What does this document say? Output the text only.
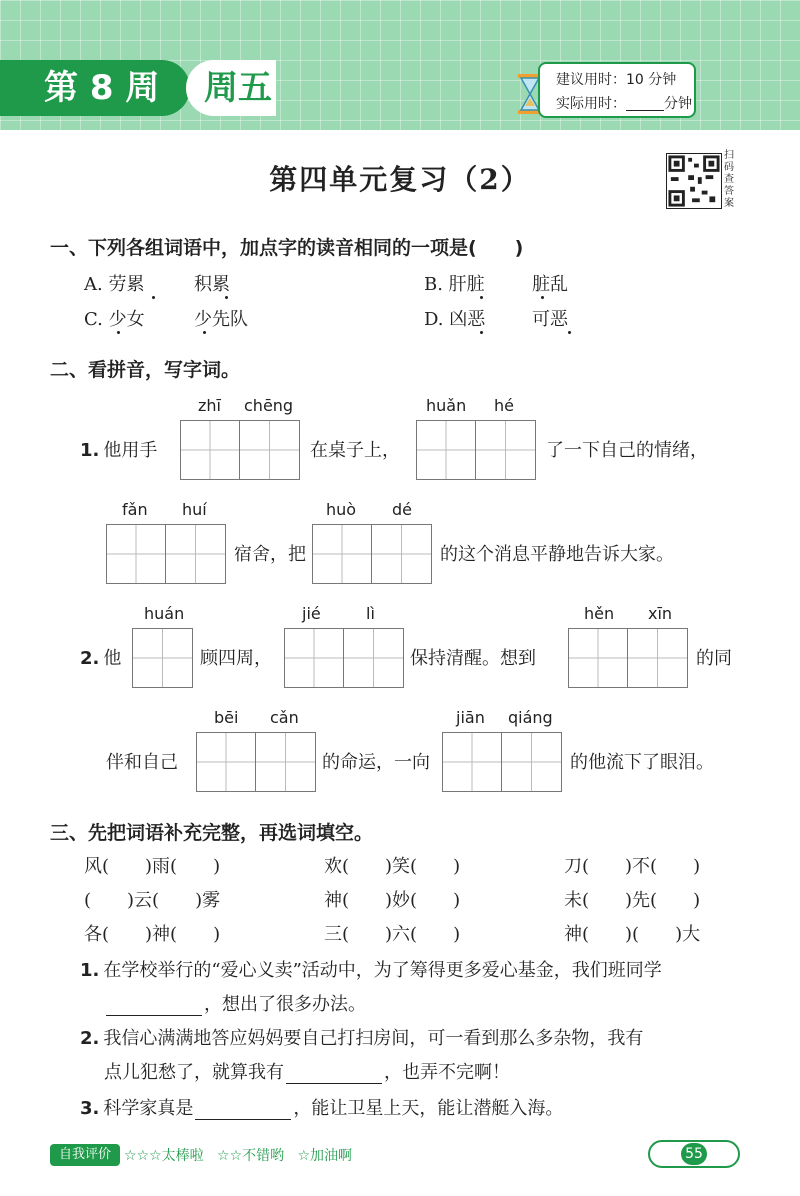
第 8 周	周五	建议用时：10 分钟
实际用时：	分钟
第四单元复习（2）
扫码查答案
一、下列各组词语中，加点字的读音相同的一项是(　　)
A. 劳累	积累	B. 肝脏	脏乱
C. 少女	少先队	D. 凶恶	可恶
二、看拼音，写字词。
zhī chēng	huǎn hé
1. 他用手	在桌子上，	了一下自己的情绪，
fǎn huí	huò dé
宿舍，把	的这个消息平静地告诉大家。
huán	jié	lì	hěn xīn
2. 他	顾四周，	保持清醒。想到	的同
bēi cǎn	jiān qiáng
伴和自己	的命运，一向	的他流下了眼泪。
三、先把词语补充完整，再选词填空。
风(　　)雨(　　)	欢(　　)笑(　　)	刀(　　)不(　　)
(　　)云(　　)雾	神(　　)妙(　　)	未(　　)先(　　)
各(　　)神(　　)	三(　　)六(　　)	神(　　)(　　)大
1. 在学校举行的“爱心义卖”活动中，为了筹得更多爱心基金，我们班同学
，想出了很多办法。
2. 我信心满满地答应妈妈要自己打扫房间，可一看到那么多杂物，我有
点儿犯愁了，就算我有	，也弄不完啊！
3. 科学家真是	，能让卫星上天，能让潜艇入海。
自我评价 ☆☆☆太棒啦 ☆☆不错哟 ☆加油啊	55
